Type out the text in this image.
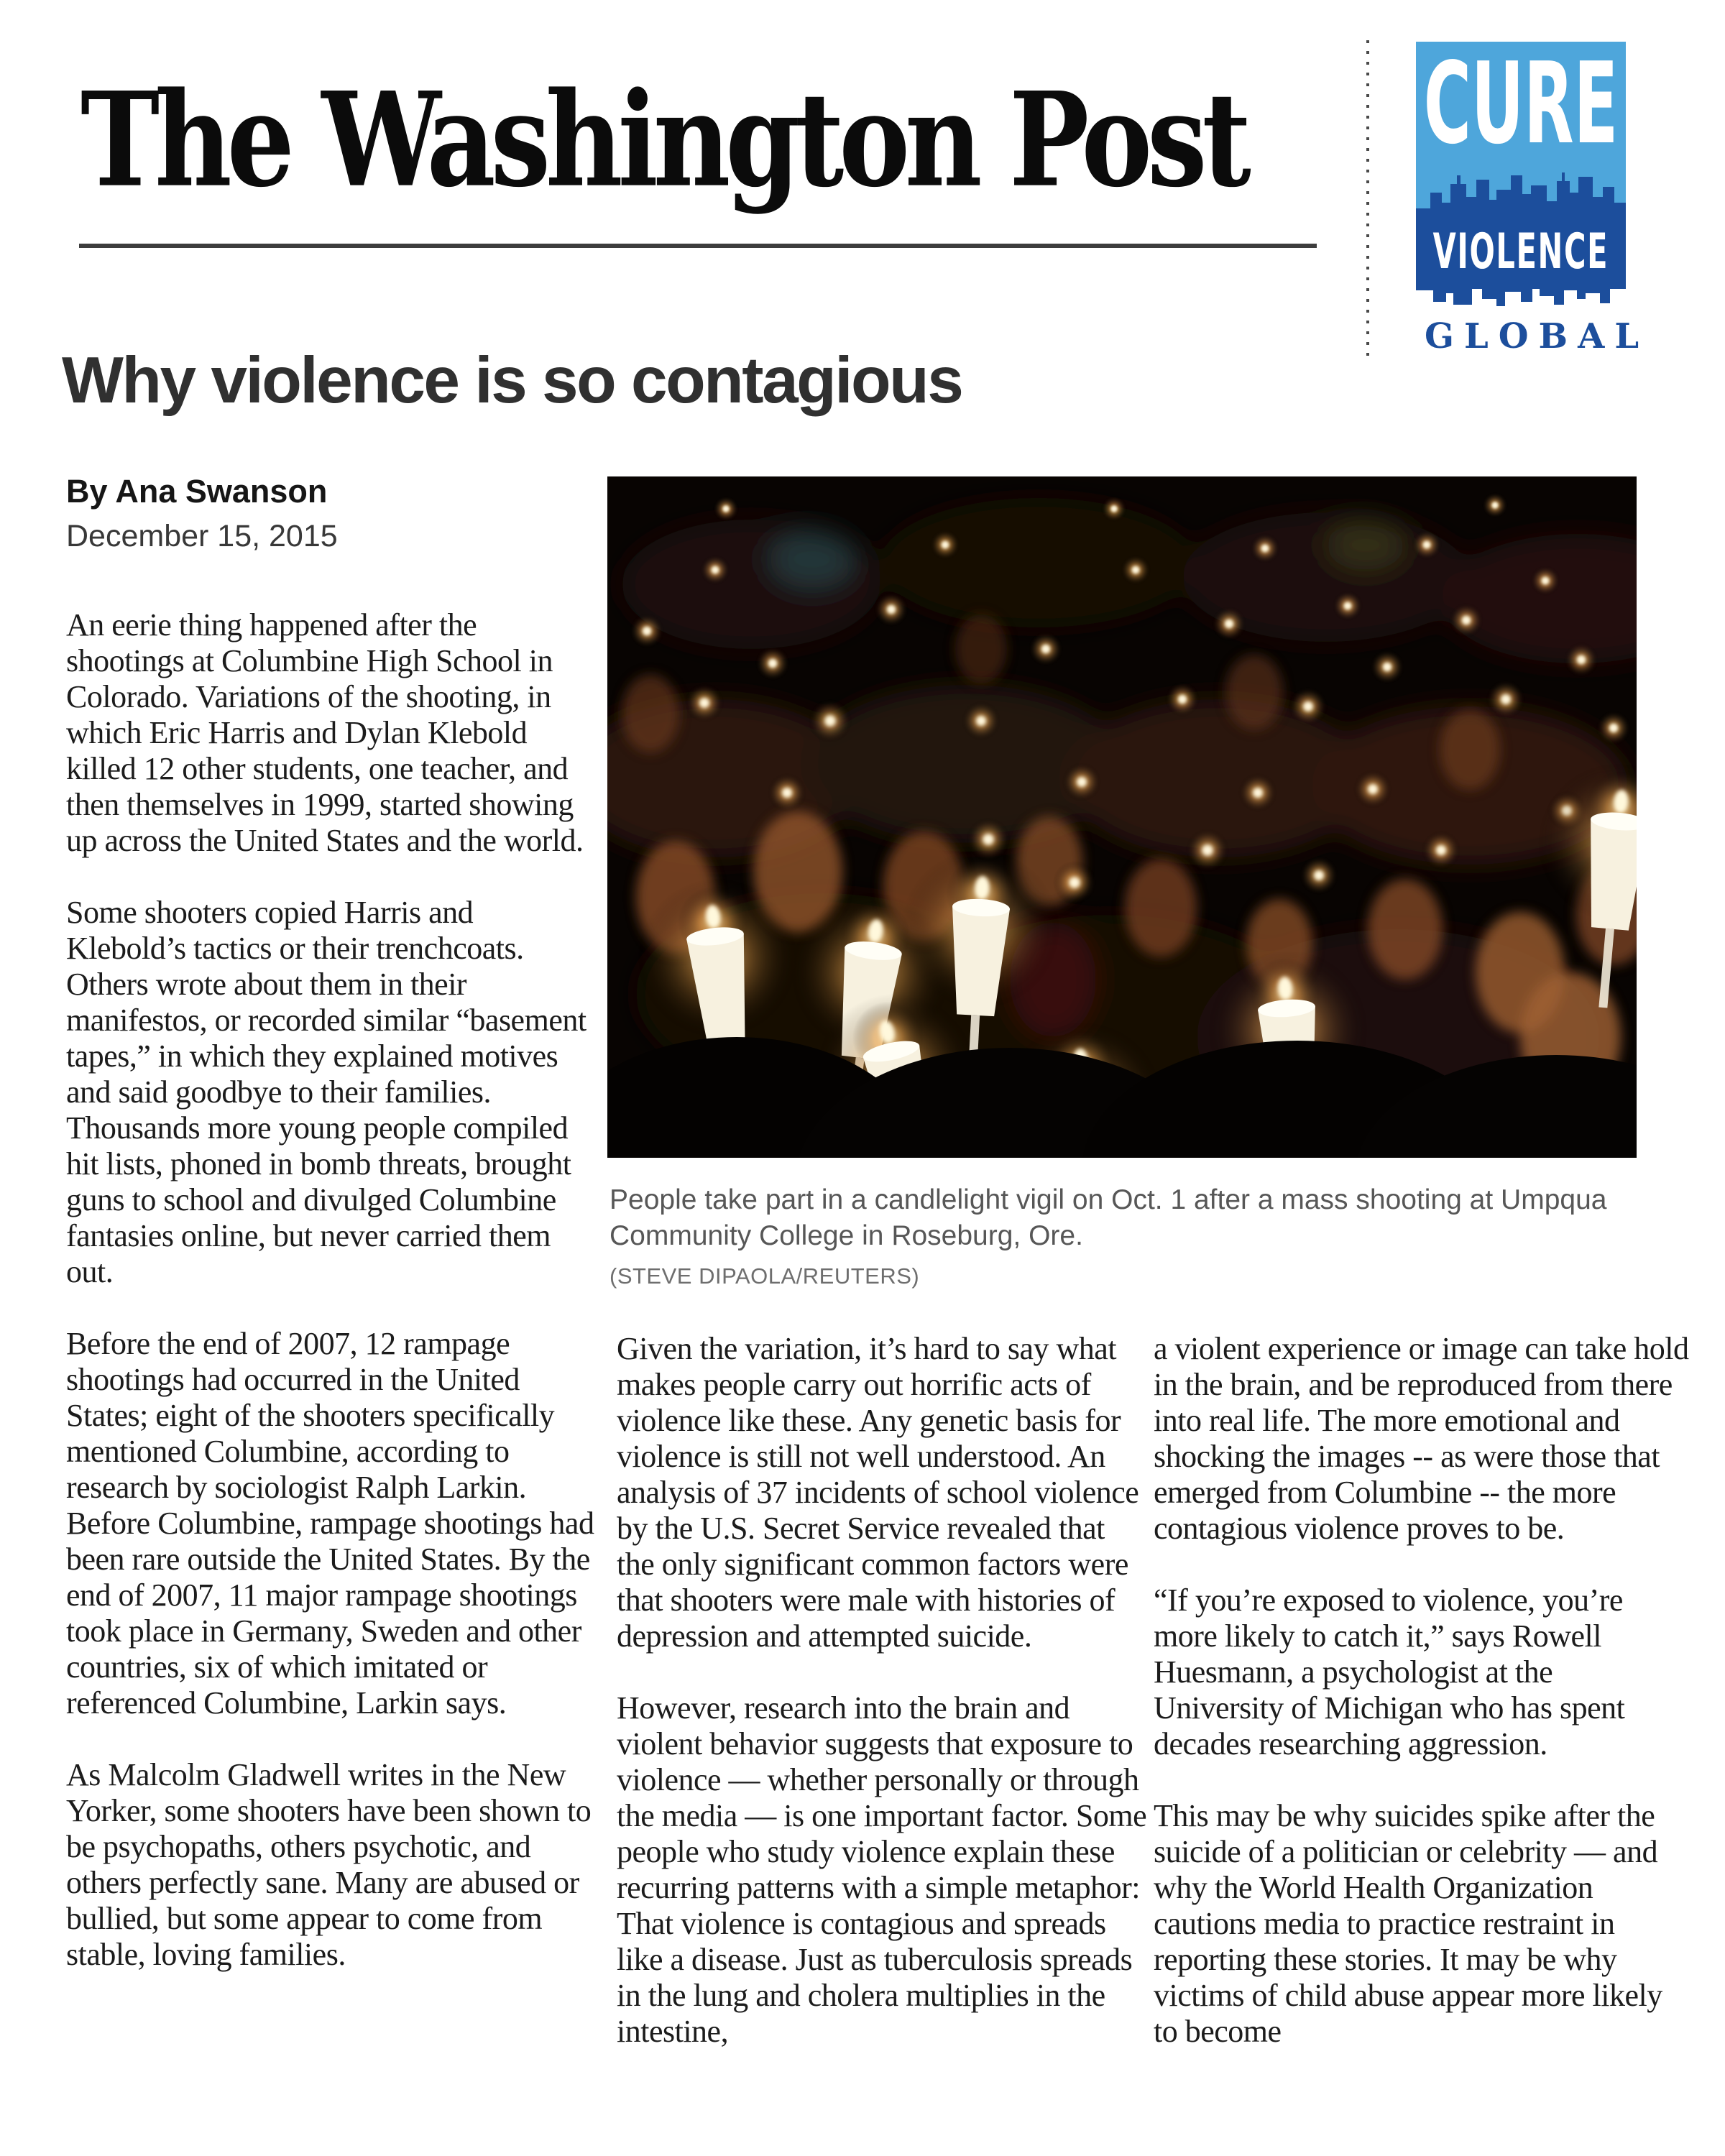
The Washington Post CURE
VIOLENCE
GLOBAL
Why violence is so contagious
By Ana Swanson
December 15, 2015
People take part in a candlelight vigil on Oct. 1 after a mass shooting at Umpqua Community College in Roseburg, Ore.
(STEVE DIPAOLA/REUTERS)

An eerie thing happened after the shootings at Columbine High School in Colorado. Variations of the shooting, in which Eric Harris and Dylan Klebold killed 12 other students, one teacher, and then themselves in 1999, started showing up across the United States and the world.

Some shooters copied Harris and Klebold’s tactics or their trenchcoats. Others wrote about them in their manifestos, or recorded similar “basement tapes,” in which they explained motives and said goodbye to their families. Thousands more young people compiled hit lists, phoned in bomb threats, brought guns to school and divulged Columbine fantasies online, but never carried them out.

Before the end of 2007, 12 rampage shootings had occurred in the United States; eight of the shooters specifically mentioned Columbine, according to research by sociologist Ralph Larkin. Before Columbine, rampage shootings had been rare outside the United States. By the end of 2007, 11 major rampage shootings took place in Germany, Sweden and other countries, six of which imitated or referenced Columbine, Larkin says.

As Malcolm Gladwell writes in the New Yorker, some shooters have been shown to be psychopaths, others psychotic, and others perfectly sane. Many are abused or bullied, but some appear to come from stable, loving families.

Given the variation, it’s hard to say what makes people carry out horrific acts of violence like these. Any genetic basis for violence is still not well understood. An analysis of 37 incidents of school violence by the U.S. Secret Service revealed that the only significant common factors were that shooters were male with histories of depression and attempted suicide.

However, research into the brain and violent behavior suggests that exposure to violence — whether personally or through the media — is one important factor. Some people who study violence explain these recurring patterns with a simple metaphor: That violence is contagious and spreads like a disease. Just as tuberculosis spreads in the lung and cholera multiplies in the intestine,

a violent experience or image can take hold in the brain, and be reproduced from there into real life. The more emotional and shocking the images -- as were those that emerged from Columbine -- the more contagious violence proves to be.

“If you’re exposed to violence, you’re more likely to catch it,” says Rowell Huesmann, a psychologist at the University of Michigan who has spent decades researching aggression.

This may be why suicides spike after the suicide of a politician or celebrity — and why the World Health Organization cautions media to practice restraint in reporting these stories. It may be why victims of child abuse appear more likely to become
